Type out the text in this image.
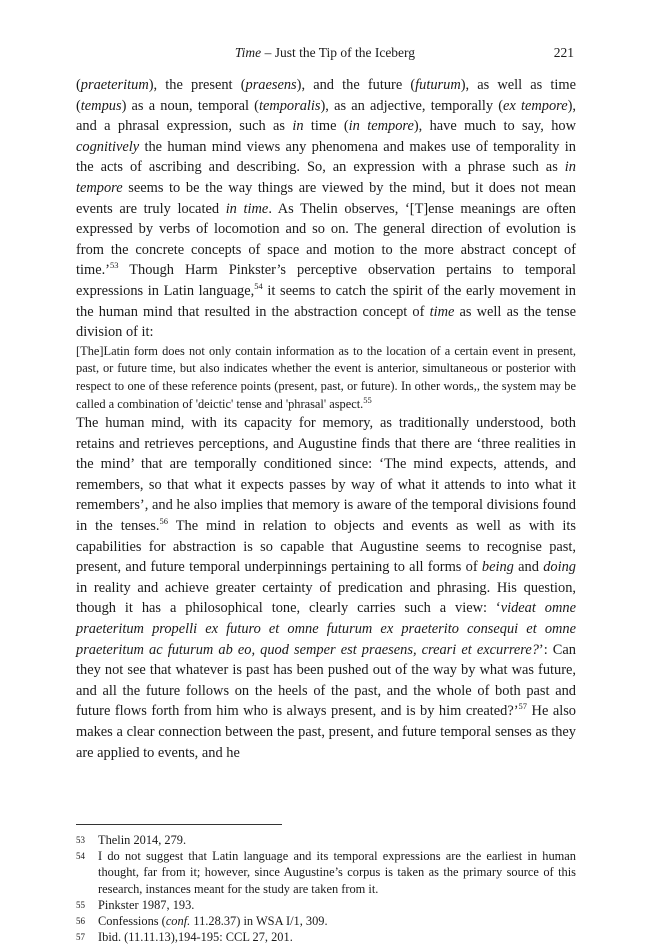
Time – Just the Tip of the Iceberg	221

(praeteritum), the present (praesens), and the future (futurum), as well as time (tempus) as a noun, temporal (temporalis), as an adjective, temporally (ex tempore), and a phrasal expression, such as in time (in tempore), have much to say, how cognitively the human mind views any phenomena and makes use of temporality in the acts of ascribing and describing. So, an expression with a phrase such as in tempore seems to be the way things are viewed by the mind, but it does not mean events are truly located in time. As Thelin observes, ‘[T]ense meanings are often expressed by verbs of locomotion and so on. The general direction of evolution is from the concrete concepts of space and motion to the more abstract concept of time.’$^{53}$ Though Harm Pinkster’s perceptive observation pertains to temporal expressions in Latin language,$^{54}$ it seems to catch the spirit of the early movement in the human mind that resulted in the abstraction concept of time as well as the tense division of it:

[The]Latin form does not only contain information as to the location of a certain event in present, past, or future time, but also indicates whether the event is anterior, simultaneous or posterior with respect to one of these reference points (present, past, or future). In other words,, the system may be called a combination of 'deictic' tense and 'phrasal' aspect.$^{55}$

The human mind, with its capacity for memory, as traditionally understood, both retains and retrieves perceptions, and Augustine finds that there are ‘three realities in the mind’ that are temporally conditioned since: ‘The mind expects, attends, and remembers, so that what it expects passes by way of what it attends to into what it remembers’, and he also implies that memory is aware of the temporal divisions found in the tenses.$^{56}$ The mind in relation to objects and events as well as with its capabilities for abstraction is so capable that Augustine seems to recognise past, present, and future temporal underpinnings pertaining to all forms of being and doing in reality and achieve greater certainty of predication and phrasing. His question, though it has a philosophical tone, clearly carries such a view: ‘videat omne praeteritum propelli ex futuro et omne futurum ex praeterito consequi et omne praeteritum ac futurum ab eo, quod semper est praesens, creari et excurrere?’: Can they not see that whatever is past has been pushed out of the way by what was future, and all the future follows on the heels of the past, and the whole of both past and future flows forth from him who is always present, and is by him created?’$^{57}$ He also makes a clear connection between the past, present, and future temporal senses as they are applied to events, and he

53	Thelin 2014, 279.
54	I do not suggest that Latin language and its temporal expressions are the earliest in human thought, far from it; however, since Augustine’s corpus is taken as the primary source of this research, instances meant for the study are taken from it.
55	Pinkster 1987, 193.
56	Confessions (conf. 11.28.37) in WSA I/1, 309.
57	Ibid. (11.11.13),194-195: CCL 27, 201.
